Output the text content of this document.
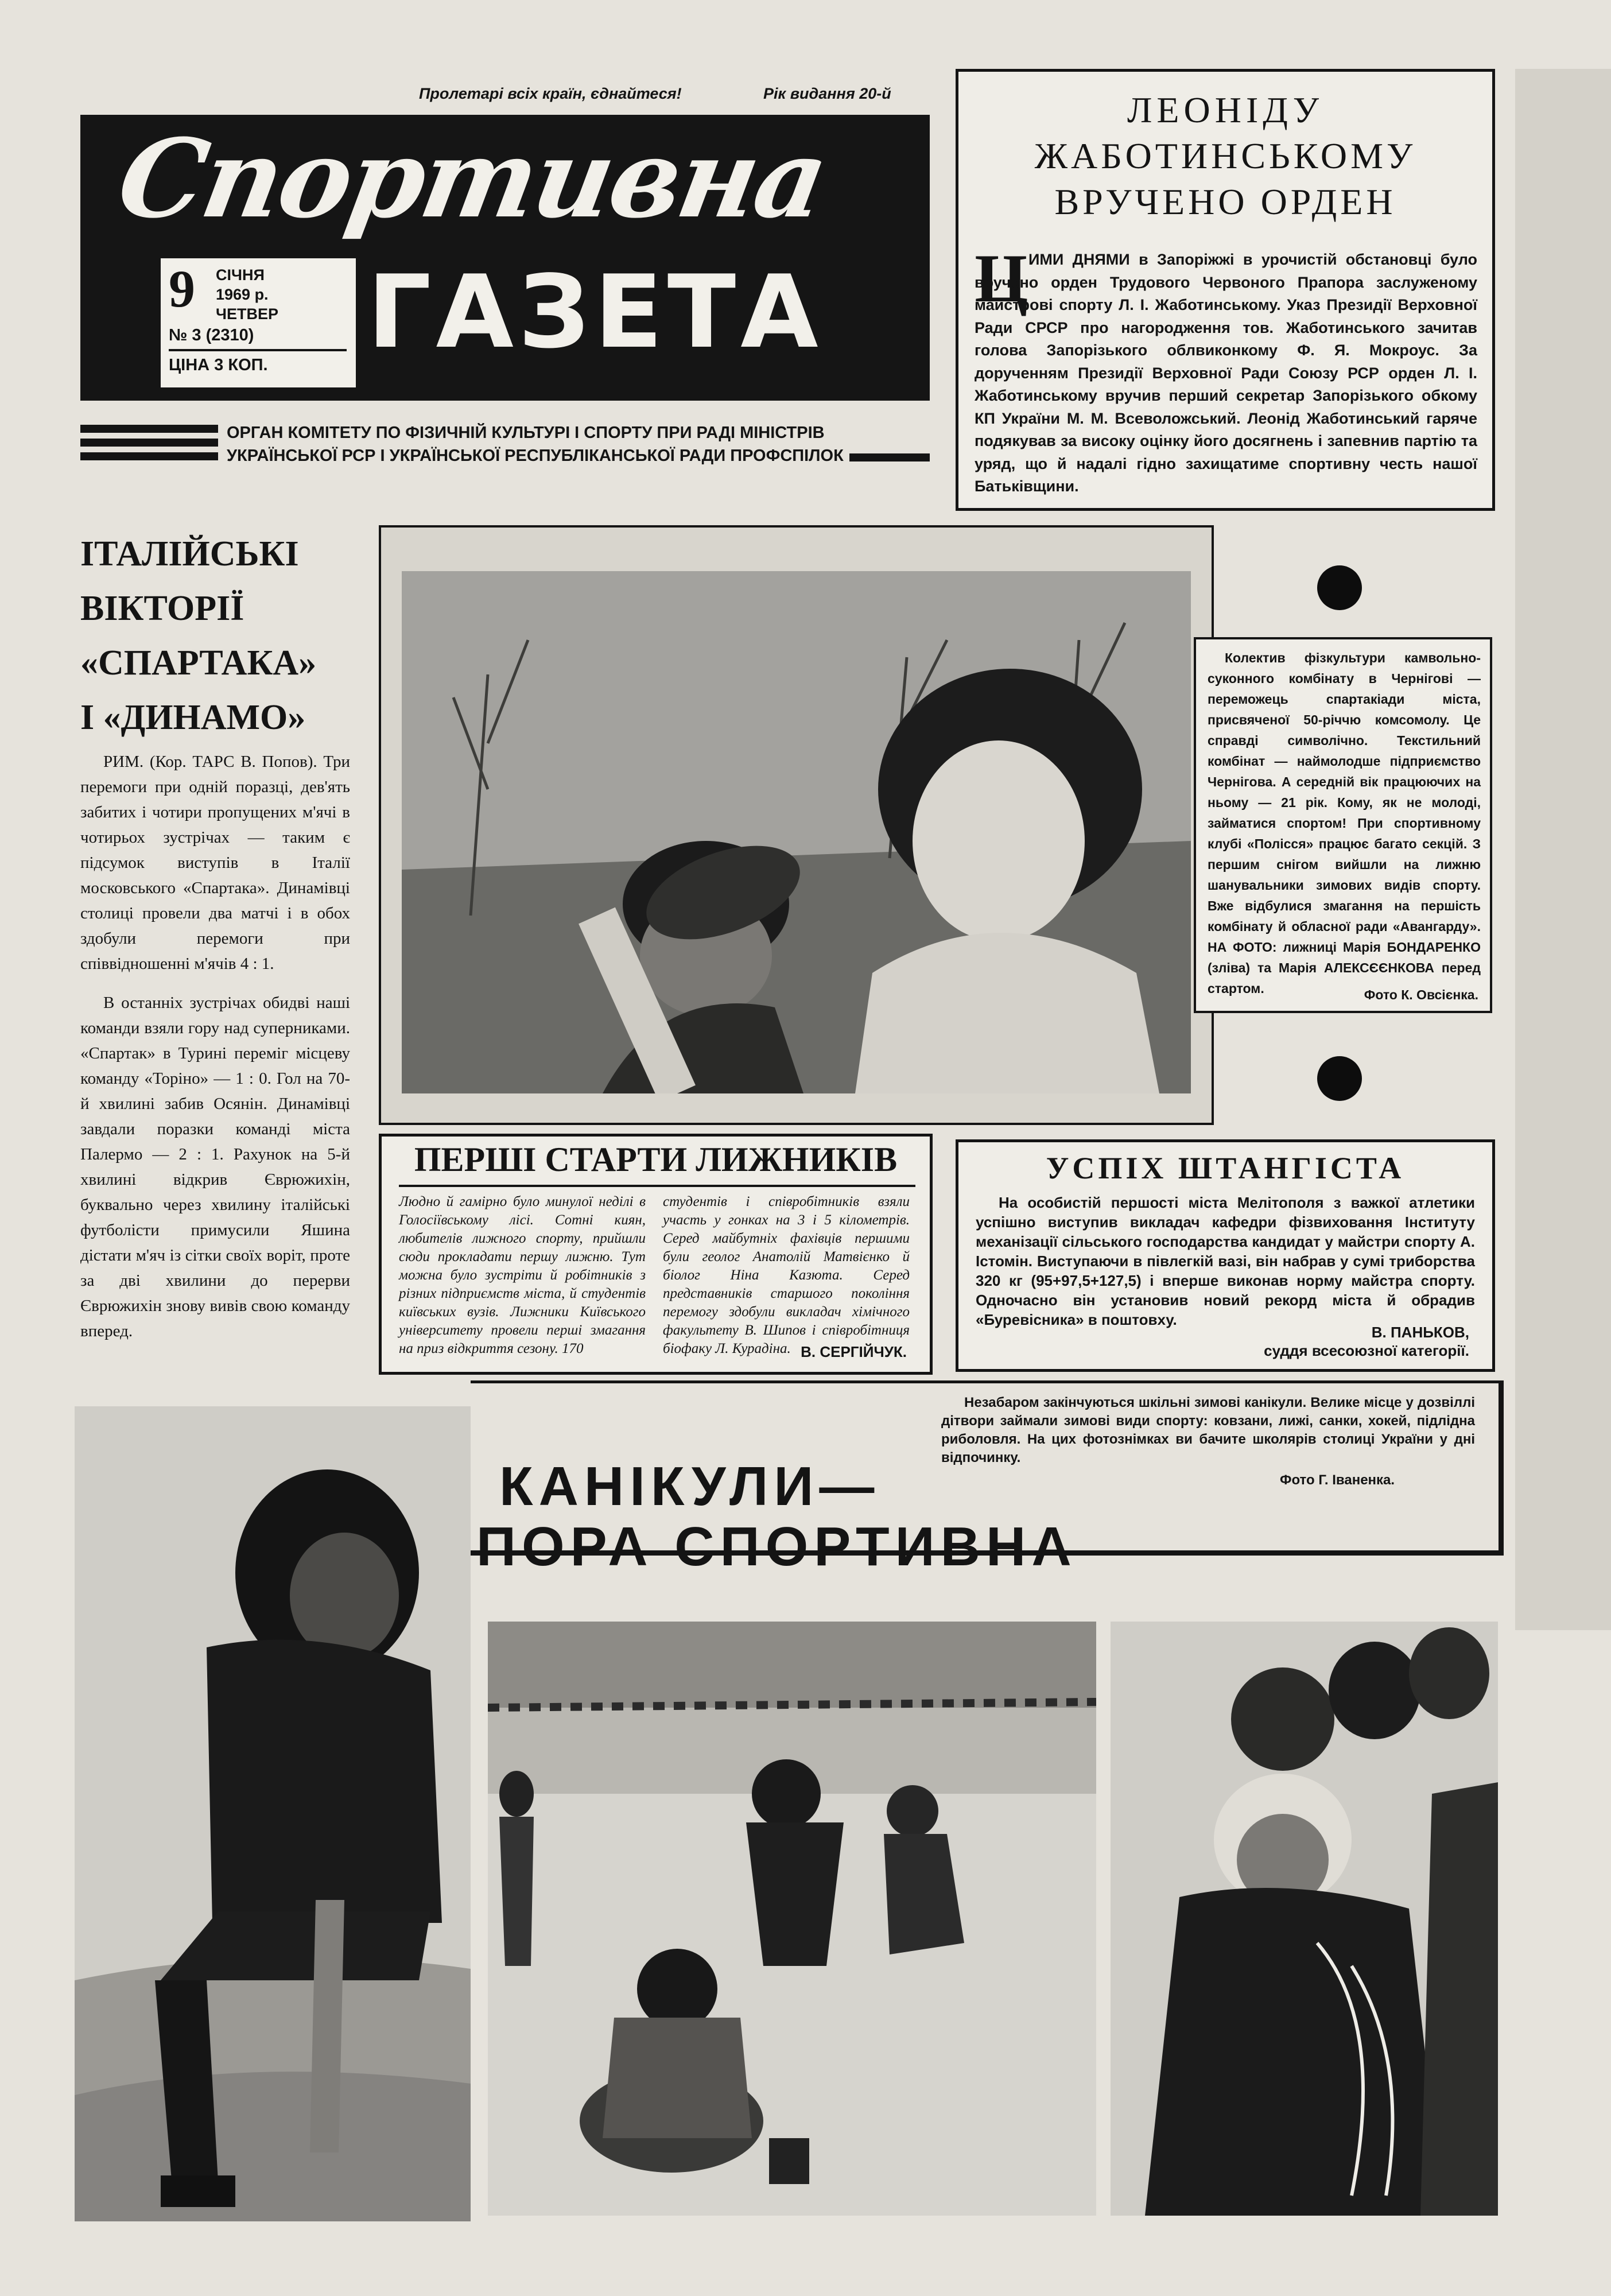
Пролетарі всіх країн, єднайтеся!	Рік видання 20-й
Спортивна
ГАЗЕТА
9 СІЧНЯ
1969 р.
ЧЕТВЕР
№ 3 (2310)
ЦІНА 3 КОП.
ОРГАН КОМІТЕТУ ПО ФІЗИЧНІЙ КУЛЬТУРІ І СПОРТУ ПРИ РАДІ МІНІСТРІВ
УКРАЇНСЬКОЇ РСР І УКРАЇНСЬКОЇ РЕСПУБЛІКАНСЬКОЇ РАДИ ПРОФСПІЛОК
ЛЕОНІДУ
ЖАБОТИНСЬКОМУ
ВРУЧЕНО ОРДЕН
Ц ИМИ ДНЯМИ в Запоріжжі в урочистій обстановці було вручено орден Трудового Червоного Прапора заслуженому майстрові спорту Л. І. Жаботинському. Указ Президії Верховної Ради СРСР про нагородження тов. Жаботинського зачитав голова Запорізького облвиконкому Ф. Я. Мокроус. За дорученням Президії Верховної Ради Союзу РСР орден Л. І. Жаботинському вручив перший секретар Запорізького обкому КП України М. М. Всеволожський. Леонід Жаботинський гаряче подякував за високу оцінку його досягнень і запевнив партію та уряд, що й надалі гідно захищатиме спортивну честь нашої Батьківщини.
ІТАЛІЙСЬКІ
ВІКТОРІЇ
«СПАРТАКА»
І «ДИНАМО»
РИМ. (Кор. ТАРС В. Попов). Три перемоги при одній поразці, дев'ять забитих і чотири пропущених м'ячі в чотирьох зустрічах — таким є підсумок виступів в Італії московського «Спартака». Динамівці столиці провели два матчі і в обох здобули перемоги при співвідношенні м'ячів 4 : 1.
В останніх зустрічах обидві наші команди взяли гору над суперниками. «Спартак» в Турині переміг місцеву команду «Торіно» — 1 : 0. Гол на 70-й хвилині забив Осянін. Динамівці завдали поразки команді міста Палермо — 2 : 1. Рахунок на 5-й хвилині відкрив Єврюжихін, буквально через хвилину італійські футболісти примусили Яшина дістати м'яч із сітки своїх воріт, проте за дві хвилини до перерви Єврюжихін знову вивів свою команду вперед.
Колектив фізкультури камвольно-суконного комбінату в Чернігові — переможець спартакіади міста, присвяченої 50-річчю комсомолу. Це справді символічно. Текстильний комбінат — наймолодше підприємство Чернігова. А середній вік працюючих на ньому — 21 рік. Кому, як не молоді, займатися спортом! При спортивному клубі «Полісся» працює багато секцій. З першим снігом вийшли на лижню шанувальники зимових видів спорту. Вже відбулися змагання на першість комбінату й обласної ради «Авангарду». НА ФОТО: лижниці Марія БОНДАРЕНКО (зліва) та Марія АЛЕКСЄЄНКОВА перед стартом.	Фото К. Овсієнка.
ПЕРШІ СТАРТИ ЛИЖНИКІВ
Людно й гамірно було минулої неділі в Голосіївському лісі. Сотні киян, любителів лижного спорту, прийшли сюди прокладати першу лижню. Тут можна було зустріти й робітників з різних підприємств міста, й студентів київських вузів. Лижники Київського університету провели перші змагання на приз відкриття сезону. 170
студентів і співробітників взяли участь у гонках на 3 і 5 кілометрів. Серед майбутніх фахівців першими були геолог Анатолій Матвієнко й біолог Ніна Казюта. Серед представників старшого покоління перемогу здобули викладач хімічного факультету В. Шипов і співробітниця біофаку Л. Курадіна. В. СЕРГІЙЧУК.
УСПІХ ШТАНГІСТА
На особистій першості міста Мелітополя з важкої атлетики успішно виступив викладач кафедри фізвиховання Інституту механізації сільського господарства кандидат у майстри спорту А. Істомін. Виступаючи в півлегкій вазі, він набрав у сумі триборства 320 кг (95+97,5+127,5) і вперше виконав норму майстра спорту. Одночасно він установив новий рекорд міста й обрадив «Буревісника» в поштовху.
В. ПАНЬКОВ,
суддя всесоюзної категорії.
КАНІКУЛИ—
ПОРА СПОРТИВНА
Незабаром закінчуються шкільні зимові канікули. Велике місце у дозвіллі дітвори займали зимові види спорту: ковзани, лижі, санки, хокей, підлідна риболовля. На цих фотознімках ви бачите школярів столиці України у дні відпочинку.
Фото Г. Іваненка.
